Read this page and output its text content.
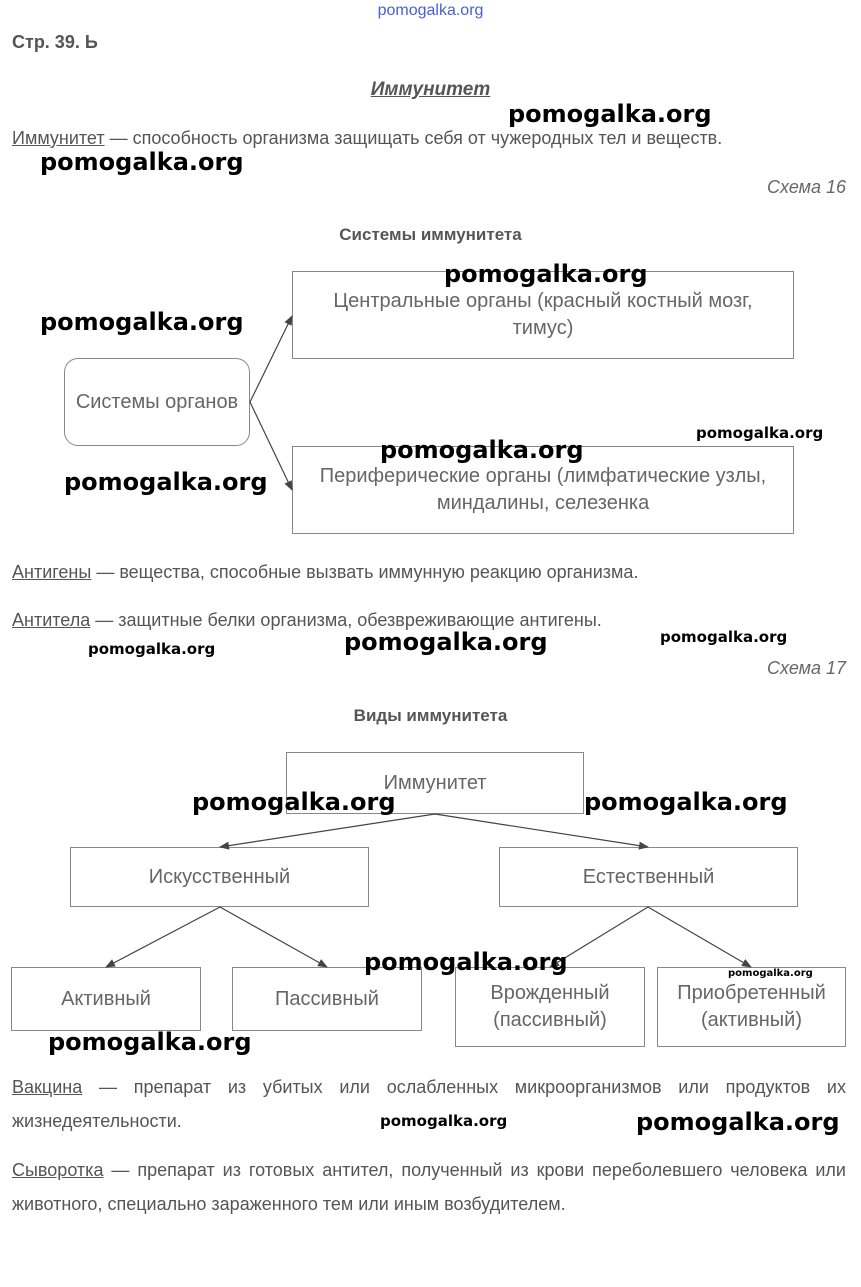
pomogalka.org
Стр. 39. Ь
Иммунитет
Иммунитет — способность организма защищать себя от чужеродных тел и веществ.
Схема 16
Системы иммунитета
Центральные органы (красный костный мозг, тимус)
Системы органов
Периферические органы (лимфатические узлы, миндалины, селезенка
Антигены — вещества, способные вызвать иммунную реакцию организма.
Антитела — защитные белки организма, обезвреживающие антигены.
Схема 17
Виды иммунитета
Иммунитет
Искусственный	Естественный
Активный	Пассивный	Врожденный (пассивный)
Приобретенный (активный)
Вакцина — препарат из убитых или ослабленных микроорганизмов или продуктов их жизнедеятельности.
Сыворотка — препарат из готовых антител, полученный из крови переболевшего человека или животного, специально зараженного тем или иным возбудителем.
pomogalka.org
pomogalka.org
pomogalka.org
pomogalka.org
pomogalka.org
pomogalka.org
pomogalka.org
pomogalka.org
pomogalka.org
pomogalka.org
pomogalka.org	pomogalka.org
pomogalka.org	pomogalka.org
pomogalka.org
pomogalka.org	pomogalka.org
